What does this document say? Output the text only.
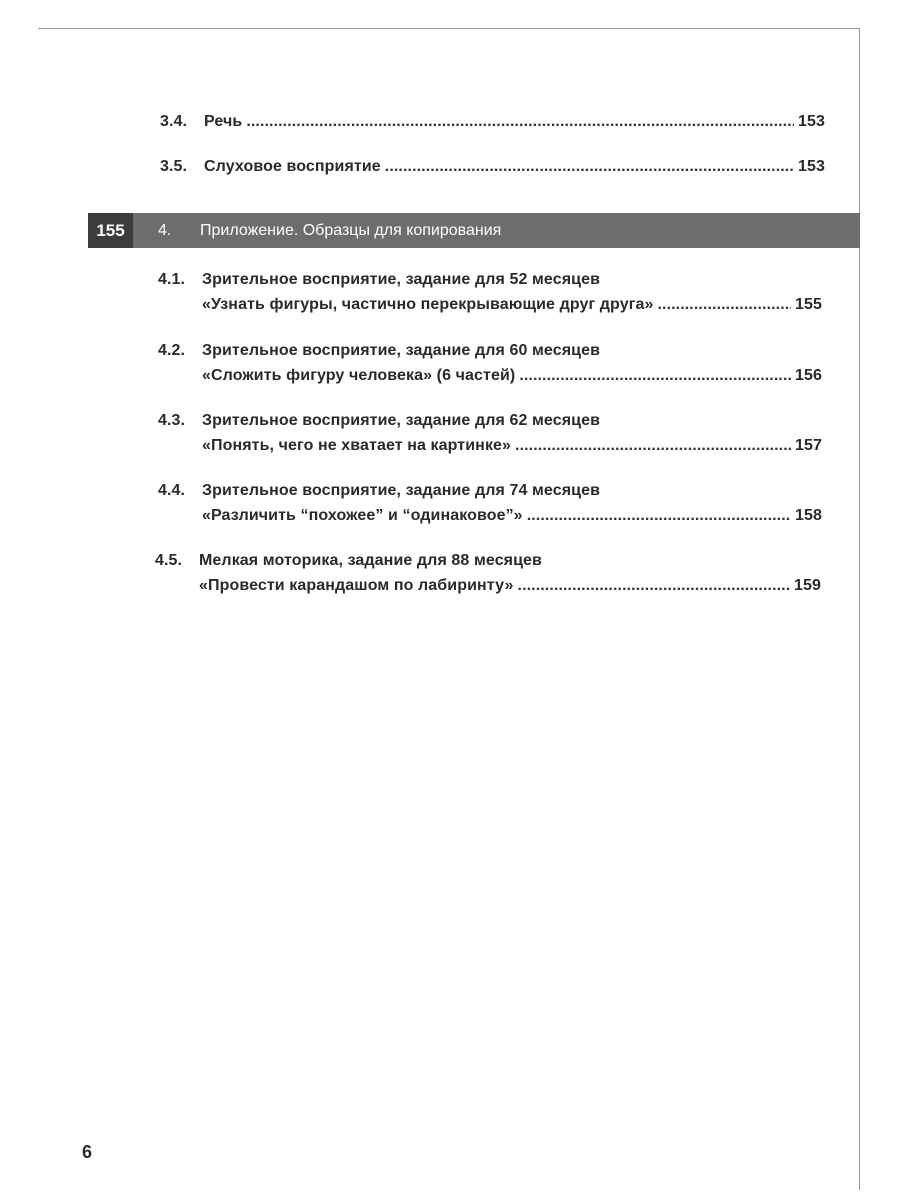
3.4.	Речь .....	153
3.5.	Слуховое восприятие .....	153
155	4.	Приложение. Образцы для копирования
4.1.	Зрительное восприятие, задание для 52 месяцев
«Узнать фигуры, частично перекрывающие друг друга» .....	155
4.2.	Зрительное восприятие, задание для 60 месяцев
«Сложить фигуру человека» (6 частей) .....	156
4.3.	Зрительное восприятие, задание для 62 месяцев
«Понять, чего не хватает на картинке» .....	157
4.4.	Зрительное восприятие, задание для 74 месяцев
«Различить “похожее” и “одинаковое”» .....	158
4.5.	Мелкая моторика, задание для 88 месяцев
«Провести карандашом по лабиринту» .....	159
6
